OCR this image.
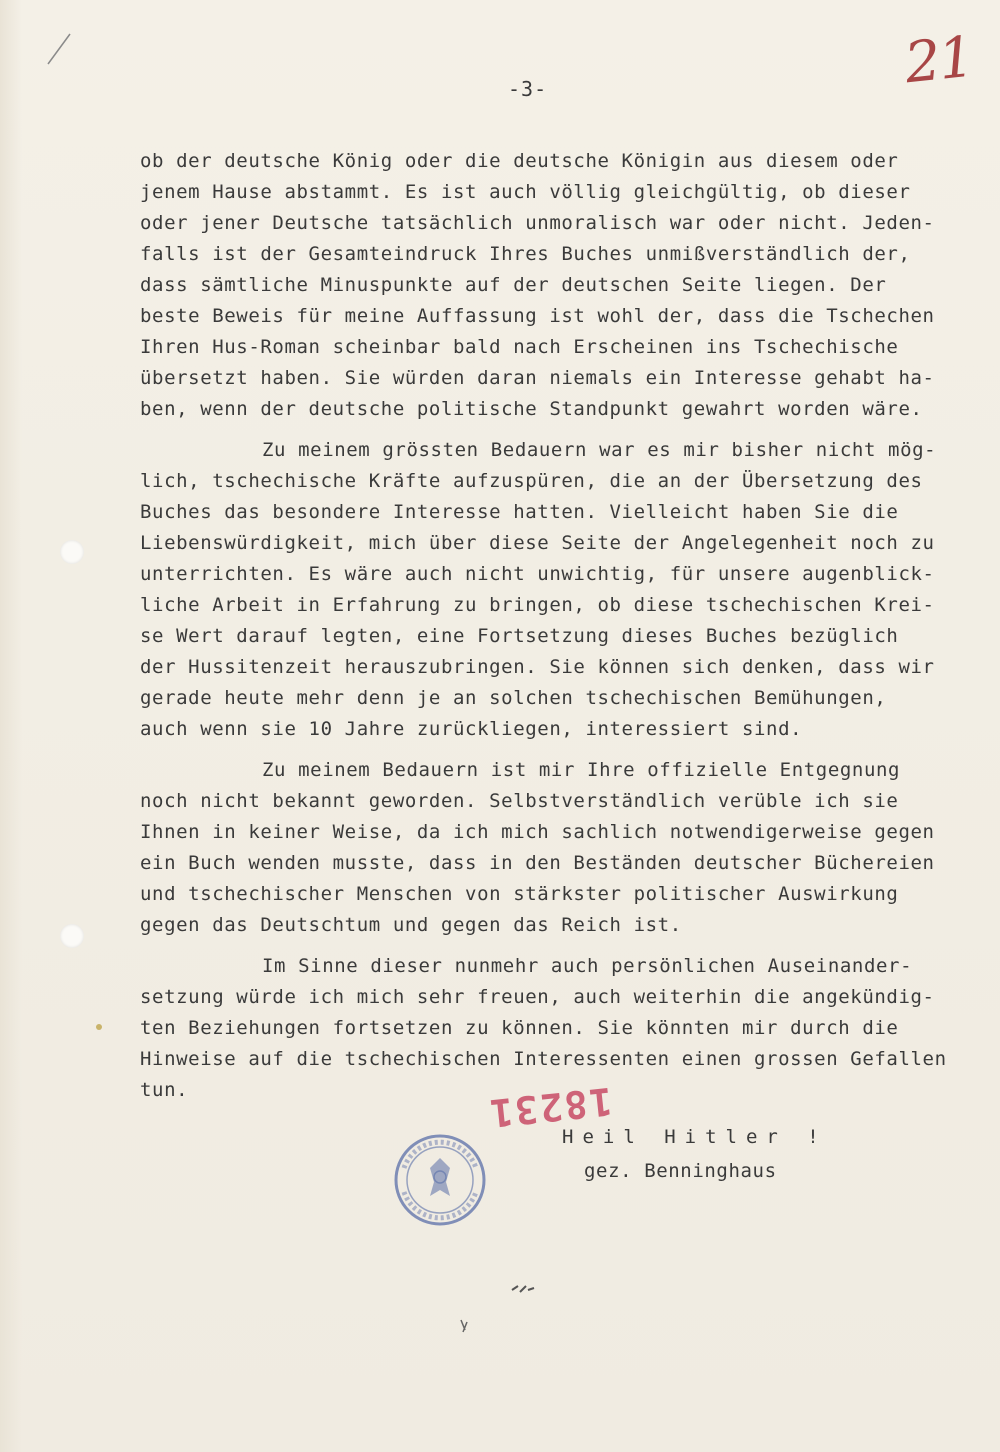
21
-3-
ob der deutsche König oder die deutsche Königin aus diesem oder
jenem Hause abstammt. Es ist auch völlig gleichgültig, ob dieser
oder jener Deutsche tatsächlich unmoralisch war oder nicht. Jeden-
falls ist der Gesamteindruck Ihres Buches unmißverständlich der,
dass sämtliche Minuspunkte auf der deutschen Seite liegen. Der
beste Beweis für meine Auffassung ist wohl der, dass die Tschechen
Ihren Hus-Roman scheinbar bald nach Erscheinen ins Tschechische
übersetzt haben. Sie würden daran niemals ein Interesse gehabt ha-
ben, wenn der deutsche politische Standpunkt gewahrt worden wäre.
Zu meinem grössten Bedauern war es mir bisher nicht mög-
lich, tschechische Kräfte aufzuspüren, die an der Übersetzung des
Buches das besondere Interesse hatten. Vielleicht haben Sie die
Liebenswürdigkeit, mich über diese Seite der Angelegenheit noch zu
unterrichten. Es wäre auch nicht unwichtig, für unsere augenblick-
liche Arbeit in Erfahrung zu bringen, ob diese tschechischen Krei-
se Wert darauf legten, eine Fortsetzung dieses Buches bezüglich
der Hussitenzeit herauszubringen. Sie können sich denken, dass wir
gerade heute mehr denn je an solchen tschechischen Bemühungen,
auch wenn sie 10 Jahre zurückliegen, interessiert sind.
Zu meinem Bedauern ist mir Ihre offizielle Entgegnung
noch nicht bekannt geworden. Selbstverständlich verüble ich sie
Ihnen in keiner Weise, da ich mich sachlich notwendigerweise gegen
ein Buch wenden musste, dass in den Beständen deutscher Büchereien
und tschechischer Menschen von stärkster politischer Auswirkung
gegen das Deutschtum und gegen das Reich ist.
Im Sinne dieser nunmehr auch persönlichen Auseinander-
setzung würde ich mich sehr freuen, auch weiterhin die angekündig-
ten Beziehungen fortsetzen zu können. Sie könnten mir durch die
Hinweise auf die tschechischen Interessenten einen grossen Gefallen
tun.	18231
Heil Hitler !
gez. Benninghaus
